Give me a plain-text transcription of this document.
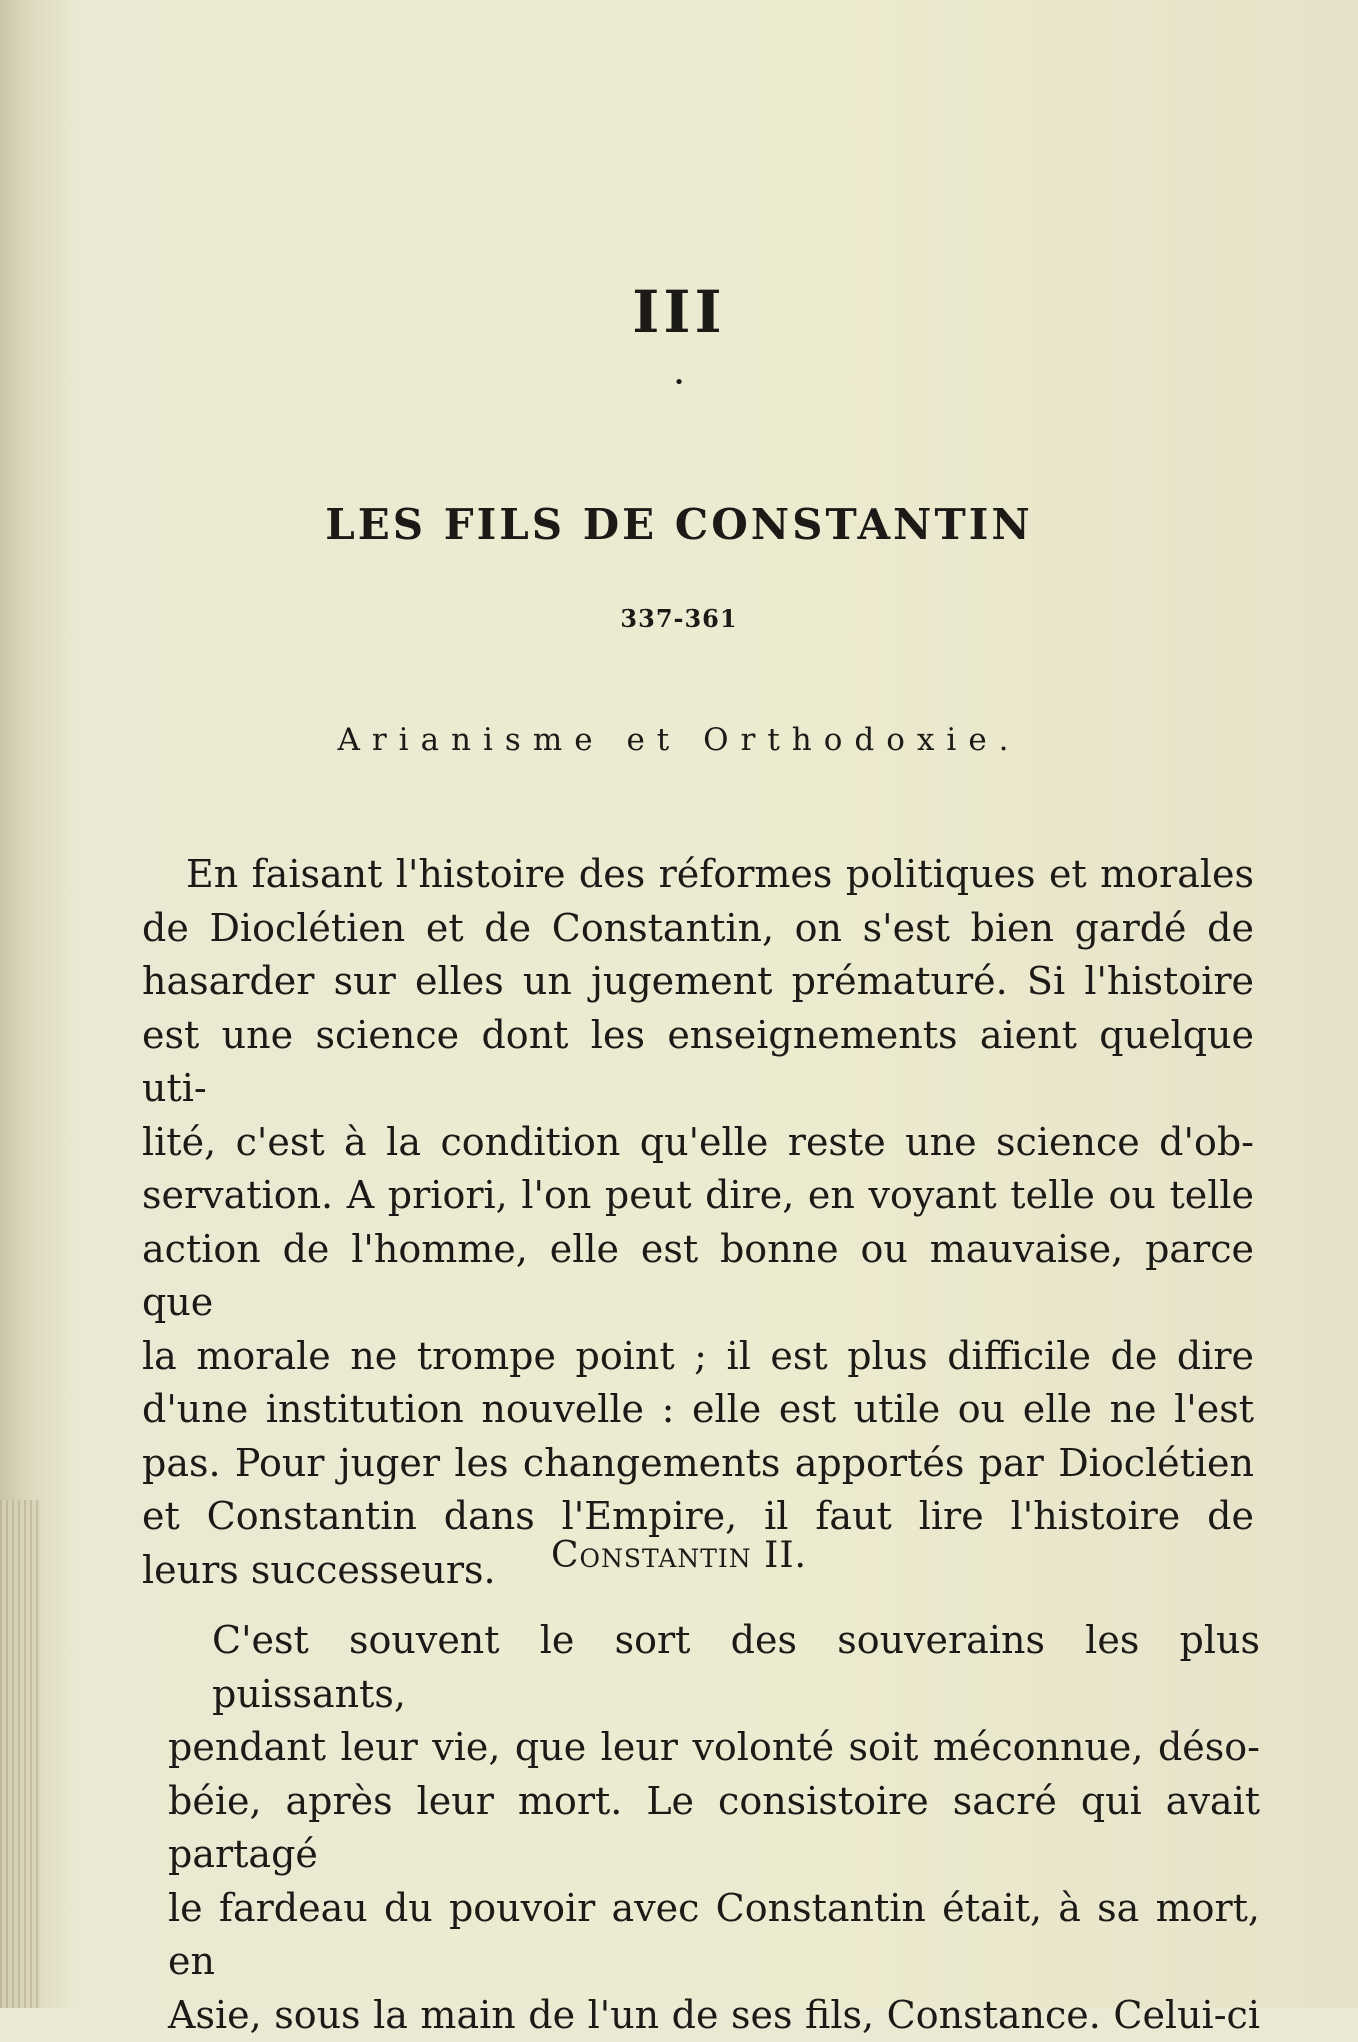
III
•
LES FILS DE CONSTANTIN
337-361
Arianisme et Orthodoxie.
En faisant l'histoire des réformes politiques et morales
de Dioclétien et de Constantin, on s'est bien gardé de
hasarder sur elles un jugement prématuré. Si l'histoire
est une science dont les enseignements aient quelque uti-
lité, c'est à la condition qu'elle reste une science d'ob-
servation. A priori, l'on peut dire, en voyant telle ou telle
action de l'homme, elle est bonne ou mauvaise, parce que
la morale ne trompe point ; il est plus difficile de dire
d'une institution nouvelle : elle est utile ou elle ne l'est
pas. Pour juger les changements apportés par Dioclétien
et Constantin dans l'Empire, il faut lire l'histoire de
leurs successeurs.	Constantin II.
C'est souvent le sort des souverains les plus puissants,
pendant leur vie, que leur volonté soit méconnue, déso-
béie, après leur mort. Le consistoire sacré qui avait partagé
le fardeau du pouvoir avec Constantin était, à sa mort, en
Asie, sous la main de l'un de ses fils, Constance. Celui-ci
